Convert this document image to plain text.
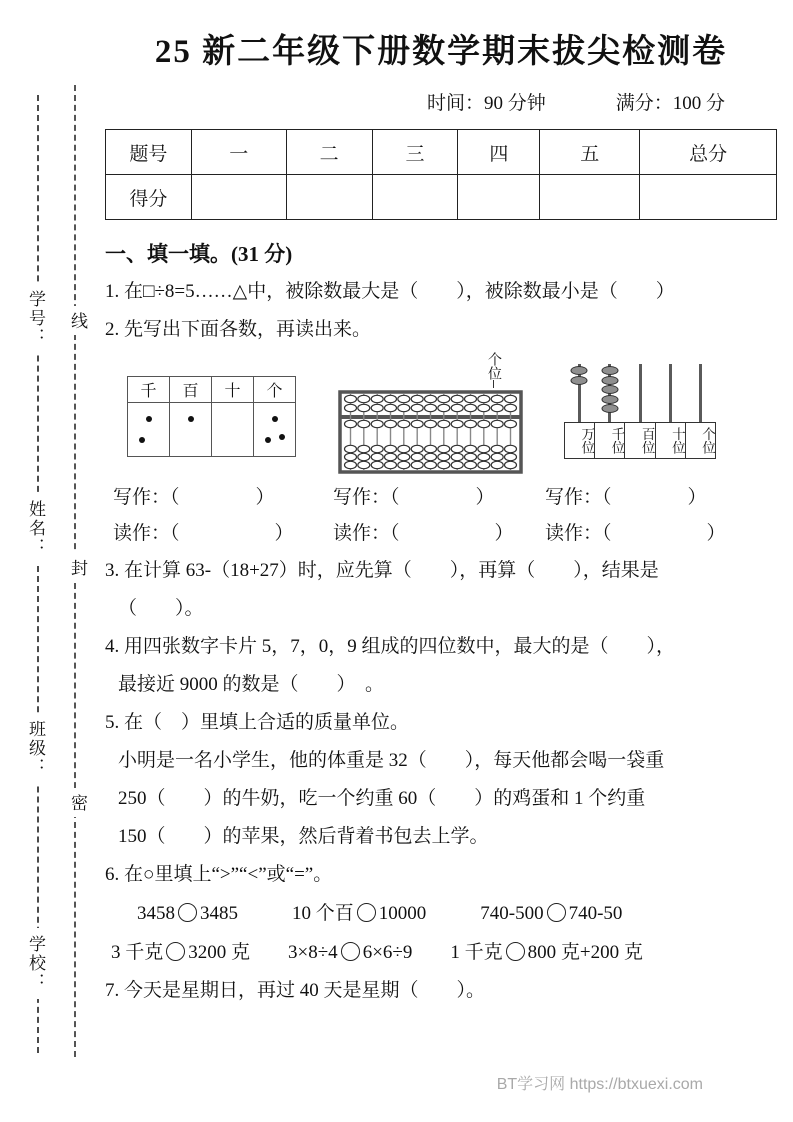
学号：
姓名：
班级：
学校：
线
封
密
25 新二年级下册数学期末拔尖检测卷
时间：90 分钟	满分：100 分
题号	一	二	三	四	五	总分
得分						
一、填一填。(31 分)
1. 在□÷8=5……△中，被除数最大是（　　），被除数最小是（　　）
2. 先写出下面各数，再读出来。
千	百	十	个

个位
万位	千位	百位	十位	个位
写作：（　　　　）	写作：（　　　　）	写作：（　　　　）
读作：（　　　　　）	读作：（　　　　　）	读作：（　　　　　）
3. 在计算 63-（18+27）时，应先算（　　），再算（　　），结果是
（　　）。
4. 用四张数字卡片 5，7，0，9 组成的四位数中，最大的是（　　），
最接近 9000 的数是（　　）　。
5. 在（　）里填上合适的质量单位。
小明是一名小学生，他的体重是 32（　　），每天他都会喝一袋重
250（　　）的牛奶，吃一个约重 60（　　）的鸡蛋和 1 个约重
150（　　）的苹果，然后背着书包去上学。
6. 在○里填上“>”“<”或“=”。
3458 3485	10 个百 10000	740-500 740-50
3 千克 3200 克 3×8÷4 6×6÷9 1 千克 800 克+200 克
7. 今天是星期日，再过 40 天是星期（　　）。
BT学习网 https://btxuexi.com
